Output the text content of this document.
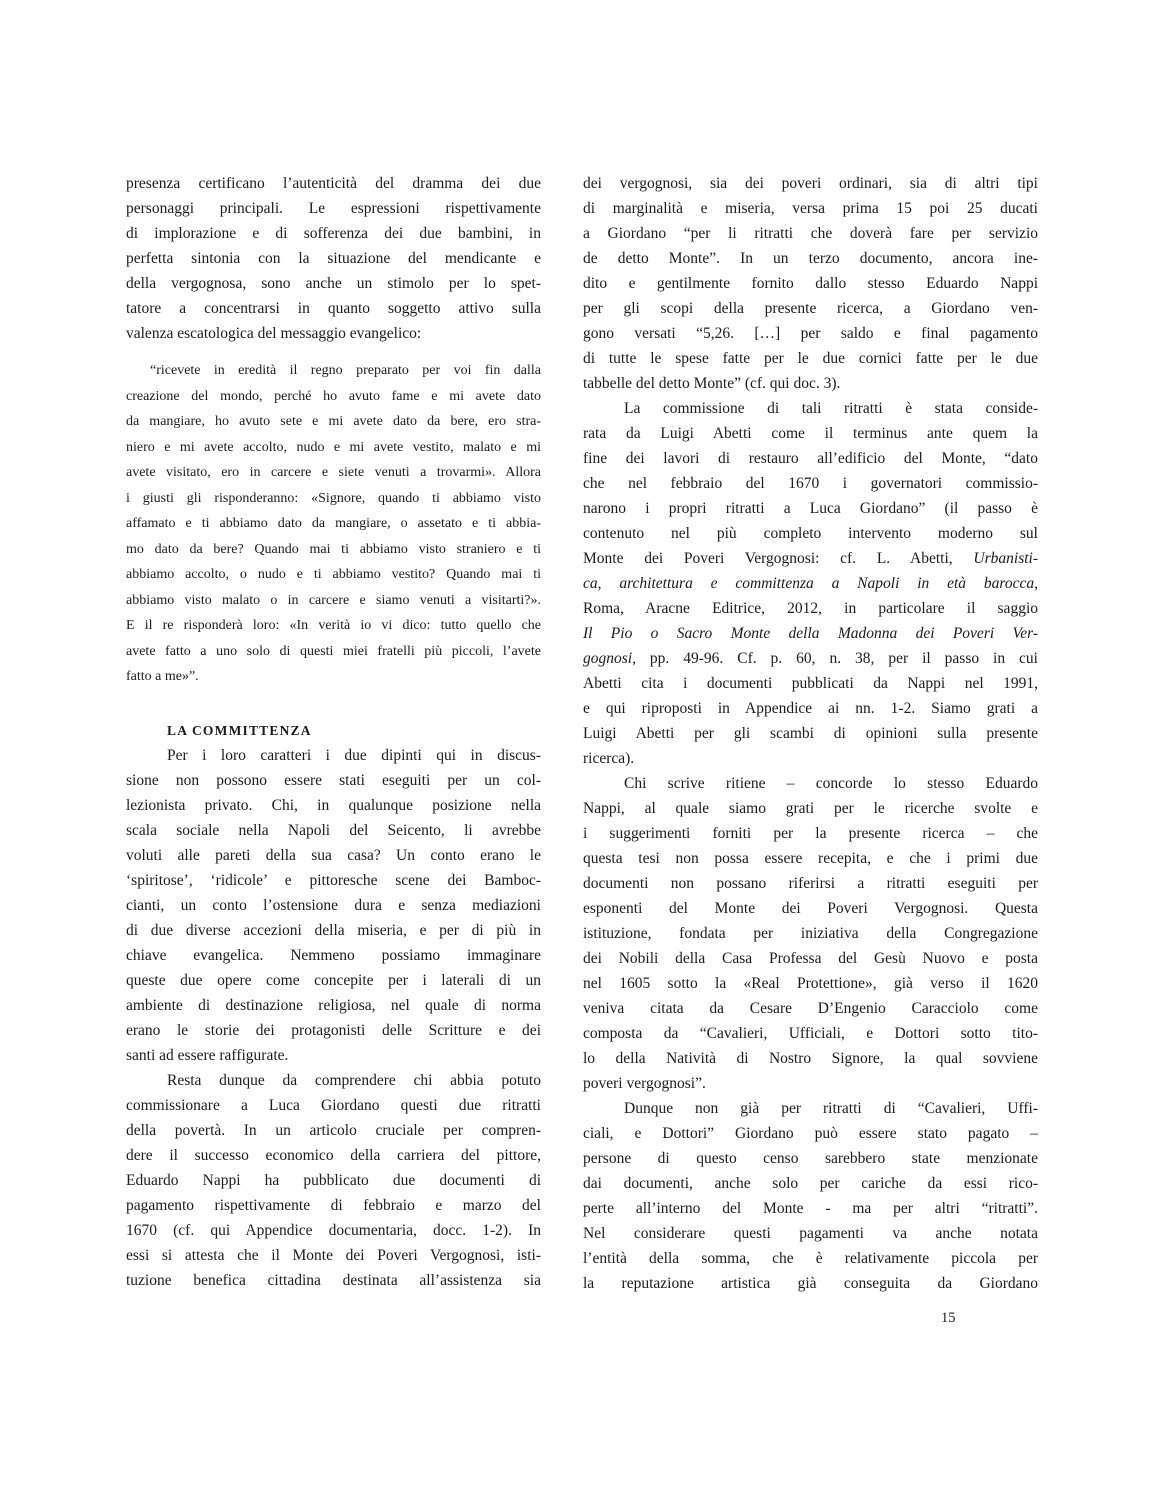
presenza certificano l’autenticità del dramma dei due
personaggi principali. Le espressioni rispettivamente
di implorazione e di sofferenza dei due bambini, in
perfetta sintonia con la situazione del mendicante e
della vergognosa, sono anche un stimolo per lo spet-
tatore a concentrarsi in quanto soggetto attivo sulla
valenza escatologica del messaggio evangelico:
“ricevete in eredità il regno preparato per voi fin dalla
creazione del mondo, perché ho avuto fame e mi avete dato
da mangiare, ho avuto sete e mi avete dato da bere, ero stra-
niero e mi avete accolto, nudo e mi avete vestito, malato e mi
avete visitato, ero in carcere e siete venuti a trovarmi». Allora
i giusti gli risponderanno: «Signore, quando ti abbiamo visto
affamato e ti abbiamo dato da mangiare, o assetato e ti abbia-
mo dato da bere? Quando mai ti abbiamo visto straniero e ti
abbiamo accolto, o nudo e ti abbiamo vestito? Quando mai ti
abbiamo visto malato o in carcere e siamo venuti a visitarti?».
E il re risponderà loro: «In verità io vi dico: tutto quello che
avete fatto a uno solo di questi miei fratelli più piccoli, l’avete
fatto a me»”.
LA COMMITTENZA
Per i loro caratteri i due dipinti qui in discus-
sione non possono essere stati eseguiti per un col-
lezionista privato. Chi, in qualunque posizione nella
scala sociale nella Napoli del Seicento, li avrebbe
voluti alle pareti della sua casa? Un conto erano le
‘spiritose’, ‘ridicole’ e pittoresche scene dei Bamboc-
cianti, un conto l’ostensione dura e senza mediazioni
di due diverse accezioni della miseria, e per di più in
chiave evangelica. Nemmeno possiamo immaginare
queste due opere come concepite per i laterali di un
ambiente di destinazione religiosa, nel quale di norma
erano le storie dei protagonisti delle Scritture e dei
santi ad essere raffigurate.
Resta dunque da comprendere chi abbia potuto
commissionare a Luca Giordano questi due ritratti
della povertà. In un articolo cruciale per compren-
dere il successo economico della carriera del pittore,
Eduardo Nappi ha pubblicato due documenti di
pagamento rispettivamente di febbraio e marzo del
1670 (cf. qui Appendice documentaria, docc. 1-2). In
essi si attesta che il Monte dei Poveri Vergognosi, isti-
tuzione benefica cittadina destinata all’assistenza sia
dei vergognosi, sia dei poveri ordinari, sia di altri tipi
di marginalità e miseria, versa prima 15 poi 25 ducati
a Giordano “per li ritratti che doverà fare per servizio
de detto Monte”. In un terzo documento, ancora ine-
dito e gentilmente fornito dallo stesso Eduardo Nappi
per gli scopi della presente ricerca, a Giordano ven-
gono versati “5,26. […] per saldo e final pagamento
di tutte le spese fatte per le due cornici fatte per le due
tabbelle del detto Monte” (cf. qui doc. 3).
La commissione di tali ritratti è stata conside-
rata da Luigi Abetti come il terminus ante quem la
fine dei lavori di restauro all’edificio del Monte, “dato
che nel febbraio del 1670 i governatori commissio-
narono i propri ritratti a Luca Giordano” (il passo è
contenuto nel più completo intervento moderno sul
Monte dei Poveri Vergognosi: cf. L. Abetti, Urbanisti-
ca, architettura e committenza a Napoli in età barocca,
Roma, Aracne Editrice, 2012, in particolare il saggio
Il Pio o Sacro Monte della Madonna dei Poveri Ver-
gognosi, pp. 49-96. Cf. p. 60, n. 38, per il passo in cui
Abetti cita i documenti pubblicati da Nappi nel 1991,
e qui riproposti in Appendice ai nn. 1-2. Siamo grati a
Luigi Abetti per gli scambi di opinioni sulla presente
ricerca).
Chi scrive ritiene – concorde lo stesso Eduardo
Nappi, al quale siamo grati per le ricerche svolte e
i suggerimenti forniti per la presente ricerca – che
questa tesi non possa essere recepita, e che i primi due
documenti non possano riferirsi a ritratti eseguiti per
esponenti del Monte dei Poveri Vergognosi. Questa
istituzione, fondata per iniziativa della Congregazione
dei Nobili della Casa Professa del Gesù Nuovo e posta
nel 1605 sotto la «Real Protettione», già verso il 1620
veniva citata da Cesare D’Engenio Caracciolo come
composta da “Cavalieri, Ufficiali, e Dottori sotto tito-
lo della Natività di Nostro Signore, la qual sovviene
poveri vergognosi”.
Dunque non già per ritratti di “Cavalieri, Uffi-
ciali, e Dottori” Giordano può essere stato pagato –
persone di questo censo sarebbero state menzionate
dai documenti, anche solo per cariche da essi rico-
perte all’interno del Monte - ma per altri “ritratti”.
Nel considerare questi pagamenti va anche notata
l’entità della somma, che è relativamente piccola per
la reputazione artistica già conseguita da Giordano
15
